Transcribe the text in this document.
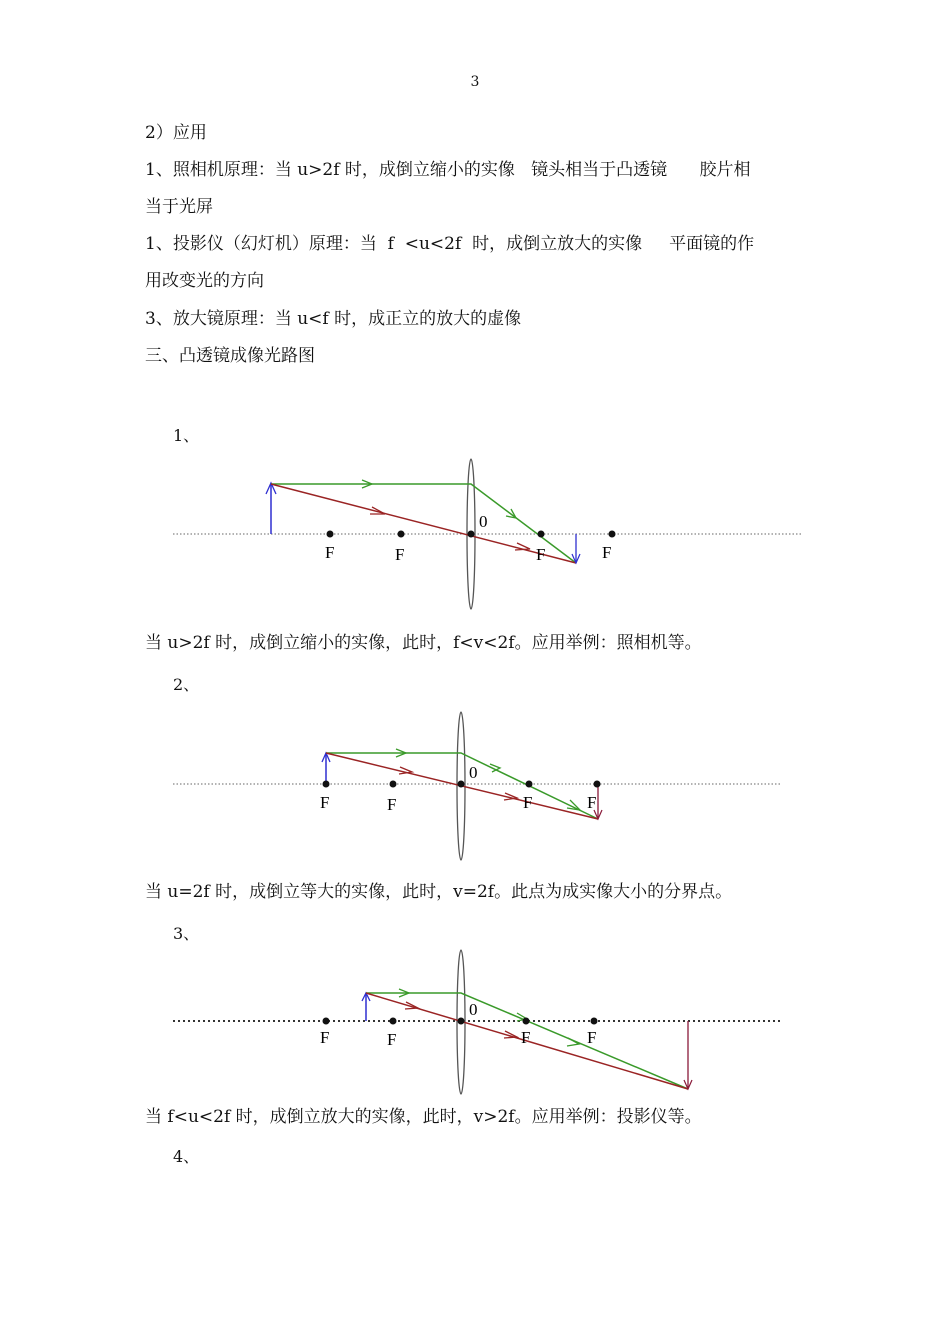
3
2）应用
1、照相机原理：当 u>2f 时，成倒立缩小的实像   镜头相当于凸透镜      胶片相
当于光屏
1、投影仪（幻灯机）原理：当  f  <u<2f  时，成倒立放大的实像     平面镜的作
用改变光的方向
3、放大镜原理：当 u<f 时，成正立的放大的虚像
三、凸透镜成像光路图
1、
F	F	F	F
0
当 u>2f 时，成倒立缩小的实像，此时，f<v<2f。应用举例：照相机等。
2、
F	F	F	F
0
当 u=2f 时，成倒立等大的实像，此时，v=2f。此点为成实像大小的分界点。
3、
F	F	F	F
0
当 f<u<2f 时，成倒立放大的实像，此时，v>2f。应用举例：投影仪等。
4、
